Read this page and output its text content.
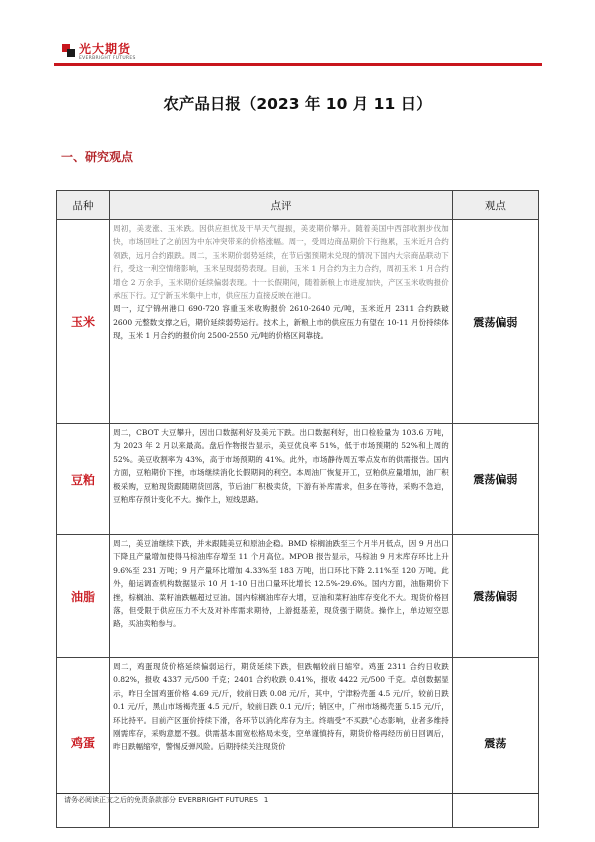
光大期货
EVERBRIGHT FUTURES
农产品日报（2023 年 10 月 11 日）
一、研究观点
品种	点评	观点
玉米	周初，美麦涨、玉米跌。因供应担忧及干旱天气提振，美麦期价攀升。随着美国中西部收割步伐加快，市场回吐了之前因为中东冲突带来的价格涨幅。周一，受周边商品期价下行拖累，玉米近月合约领跌，远月合约跟跌。周二，玉米期价弱势延续，在节后强预期未兑现的情况下国内大宗商品联动下行，受这一利空情绪影响，玉米呈现弱势表现。目前，玉米 1 月合约为主力合约，周初玉米 1 月合约增仓 2 万余手，玉米期价延续偏弱表现。十一长假期间，随着新粮上市进度加快，产区玉米收购报价承压下行。辽宁新玉米集中上市，供应压力直接反映在港口。

周一，辽宁锦州港口 690-720 容重玉米收购报价 2610-2640 元/吨，玉米近月 2311 合约跌破 2600 元整数支撑之后，期价延续弱势运行。技术上，新粮上市的供应压力有望在 10-11 月份持续体现，玉米 1 月合约的报价向 2500-2550 元/吨的价格区间靠拢。	震荡偏弱
豆粕	周二，CBOT 大豆攀升，因出口数据利好及美元下跌。出口数据利好，出口检验量为 103.6 万吨，为 2023 年 2 月以来最高。盘后作物报告显示，美豆优良率 51%，低于市场预期的 52%和上周的 52%。美豆收割率为 43%，高于市场预期的 41%。此外，市场静待周五零点发布的供需报告。国内方面，豆粕期价下挫，市场继续消化长假期间的利空。本周油厂恢复开工，豆粕供应量增加，油厂积极采购，豆粕现货跟随期货回落，节后油厂积极卖货，下游有补库需求，但多在等待，采购不急迫，豆粕库存预计变化不大。操作上，短线思路。	震荡偏弱
油脂	周二，美豆油继续下跌，并未跟随美豆和原油企稳。BMD 棕榈油跌至三个月半月低点，因 9 月出口下降且产量增加使得马棕油库存增至 11 个月高位。MPOB 报告显示，马棕油 9 月末库存环比上升 9.6%至 231 万吨；9 月产量环比增加 4.33%至 183 万吨，出口环比下降 2.11%至 120 万吨。此外，船运调查机构数据显示 10 月 1-10 日出口量环比增长 12.5%-29.6%。国内方面，油脂期价下挫，棕榈油、菜籽油跌幅超过豆油。国内棕榈油库存大增，豆油和菜籽油库存变化不大。现货价格回落，但受限于供应压力不大及对补库需求期待，上游挺基差，现货强于期货。操作上，单边短空思路，买油卖粕参与。	震荡偏弱
鸡蛋	周二，鸡蛋现货价格延续偏弱运行，期货延续下跌，但跌幅较前日缩窄。鸡蛋 2311 合约日收跌 0.82%，报收 4337 元/500 千克；2401 合约收跌 0.41%，报收 4422 元/500 千克。卓创数据显示，昨日全国鸡蛋价格 4.69 元/斤，较前日跌 0.08 元/斤，其中，宁津粉壳蛋 4.5 元/斤，较前日跌 0.1 元/斤，黑山市场褐壳蛋 4.5 元/斤，较前日跌 0.1 元/斤；销区中，广州市场褐壳蛋 5.15 元/斤，环比持平。目前产区蛋价持续下滑，各环节以消化库存为主。终端受“不买跌”心态影响，业者多维持刚需库存，采购意愿不强。供需基本面宽松格局未变，空单谨慎持有，期货价格再经历前日回调后，昨日跌幅缩窄，警惕反弹风险。后期持续关注现货价	震荡
请务必阅读正文之后的免责条款部分 EVERBRIGHT FUTURES 1
